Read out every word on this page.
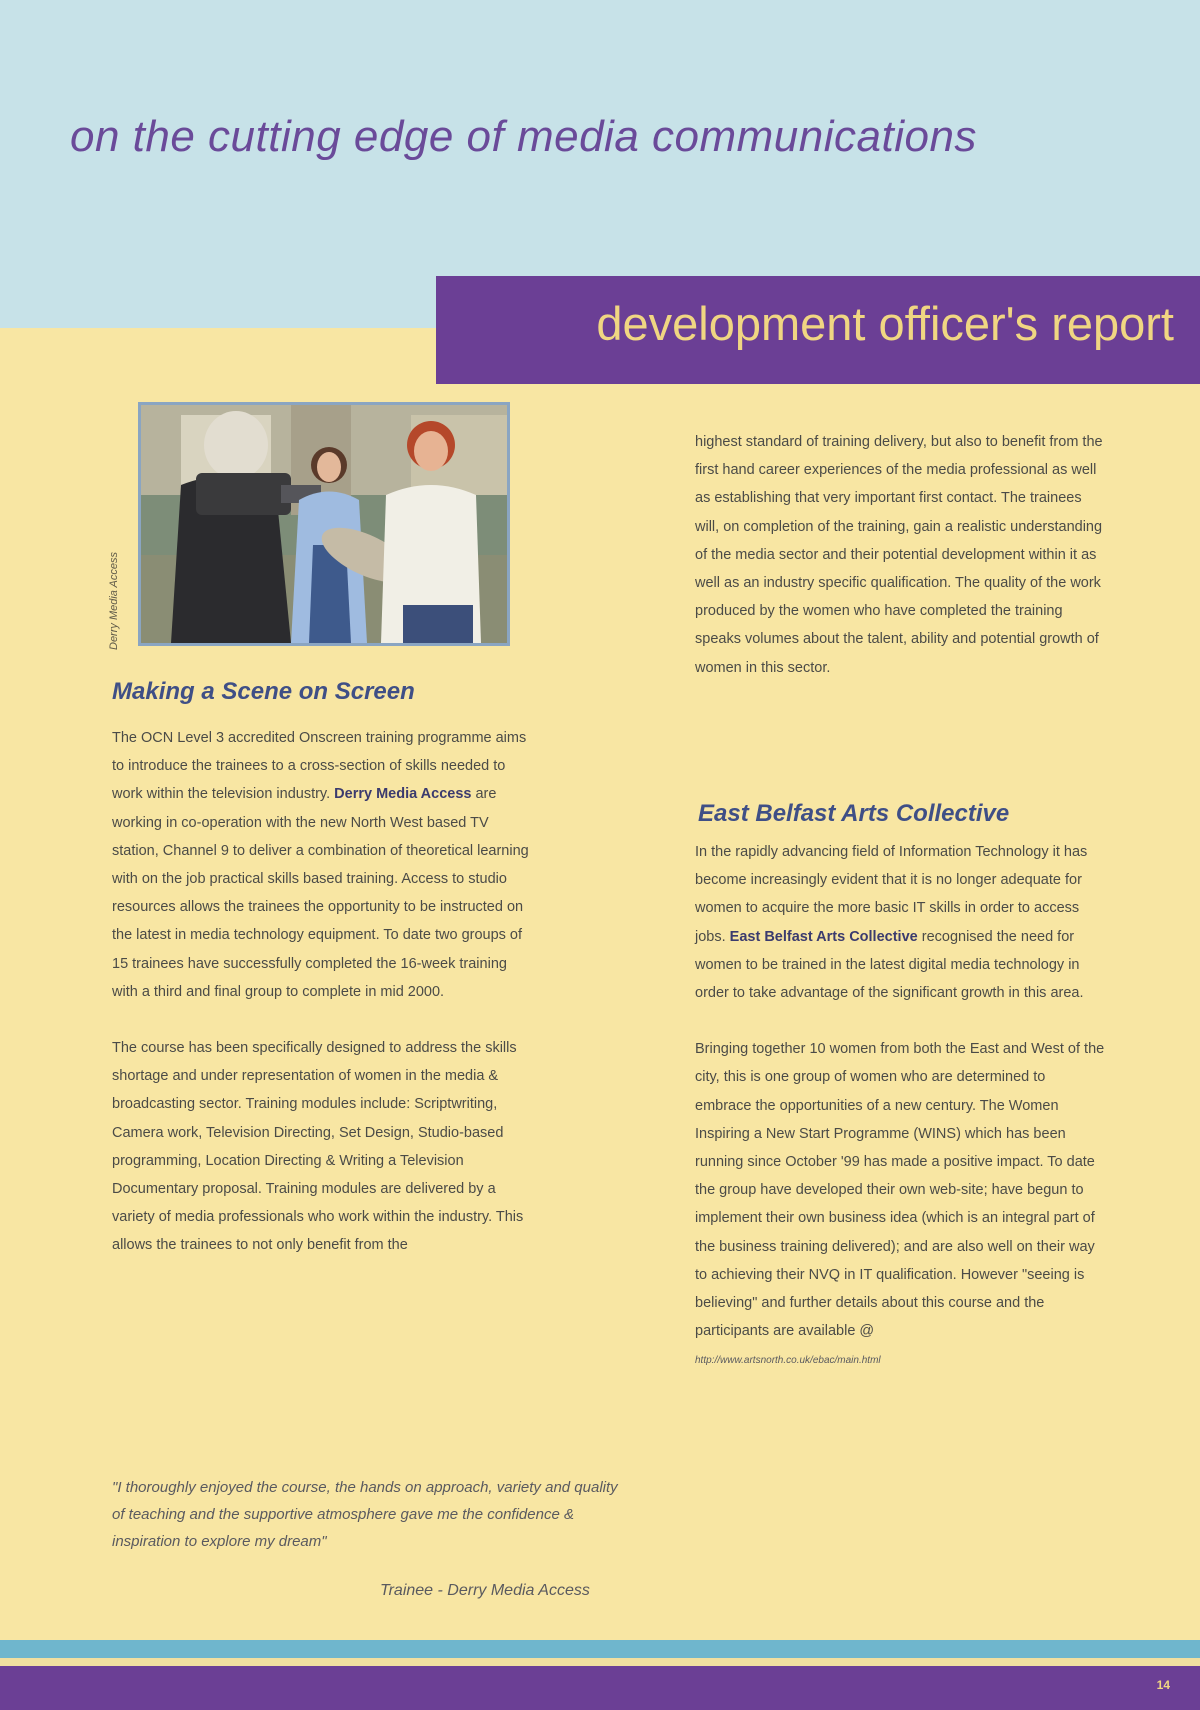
on the cutting edge of media communications
development officer's report

Derry Media Access

Making a Scene on Screen

The OCN Level 3 accredited Onscreen training programme aims to introduce the trainees to a cross-section of skills needed to work within the television industry. Derry Media Access are working in co-operation with the new North West based TV station, Channel 9 to deliver a combination of theoretical learning with on the job practical skills based training. Access to studio resources allows the trainees the opportunity to be instructed on the latest in media technology equipment. To date two groups of 15 trainees have successfully completed the 16-week training with a third and final group to complete in mid 2000.

The course has been specifically designed to address the skills shortage and under representation of women in the media & broadcasting sector. Training modules include: Scriptwriting, Camera work, Television Directing, Set Design, Studio-based programming, Location Directing & Writing a Television Documentary proposal. Training modules are delivered by a variety of media professionals who work within the industry. This allows the trainees to not only benefit from the

"I thoroughly enjoyed the course, the hands on approach, variety and quality of teaching and the supportive atmosphere gave me the confidence & inspiration to explore my dream"

Trainee - Derry Media Access

highest standard of training delivery, but also to benefit from the first hand career experiences of the media professional as well as establishing that very important first contact. The trainees will, on completion of the training, gain a realistic understanding of the media sector and their potential development within it as well as an industry specific qualification. The quality of the work produced by the women who have completed the training speaks volumes about the talent, ability and potential growth of women in this sector.

East Belfast Arts Collective

In the rapidly advancing field of Information Technology it has become increasingly evident that it is no longer adequate for women to acquire the more basic IT skills in order to access jobs. East Belfast Arts Collective recognised the need for women to be trained in the latest digital media technology in order to take advantage of the significant growth in this area.

Bringing together 10 women from both the East and West of the city, this is one group of women who are determined to embrace the opportunities of a new century. The Women Inspiring a New Start Programme (WINS) which has been running since October '99 has made a positive impact. To date the group have developed their own web-site; have begun to implement their own business idea (which is an integral part of the business training delivered); and are also well on their way to achieving their NVQ in IT qualification. However "seeing is believing" and further details about this course and the participants are available @
http://www.artsnorth.co.uk/ebac/main.html

14
